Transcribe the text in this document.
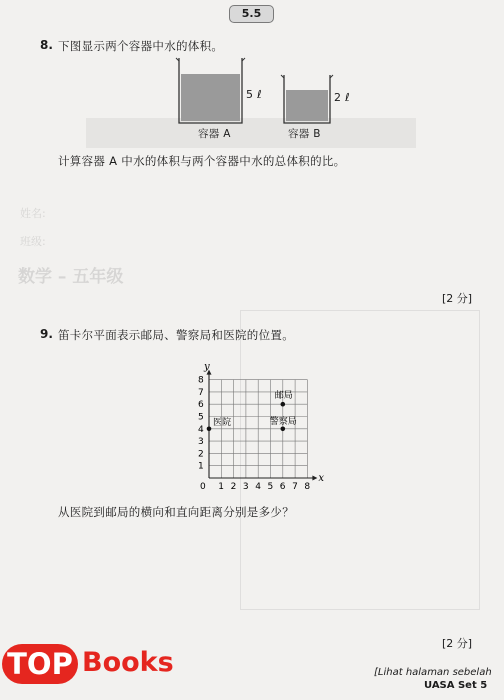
姓名:
班级:
数学 – 五年级
5.5
8. 下图显示两个容器中水的体积。
5 ℓ	2 ℓ
容器 A	容器 B
计算容器 A 中水的体积与两个容器中水的总体积的比。
[2 分]
9. 笛卡尔平面表示邮局、警察局和医院的位置。
y
x
0 1 2 3 4 5 6 7 8
1
2
3
4
5
6
7
8
医院
邮局
警察局
从医院到邮局的横向和直向距离分别是多少？
[2 分]
[Lihat halaman sebelah
UASA Set 5
TOP Books
